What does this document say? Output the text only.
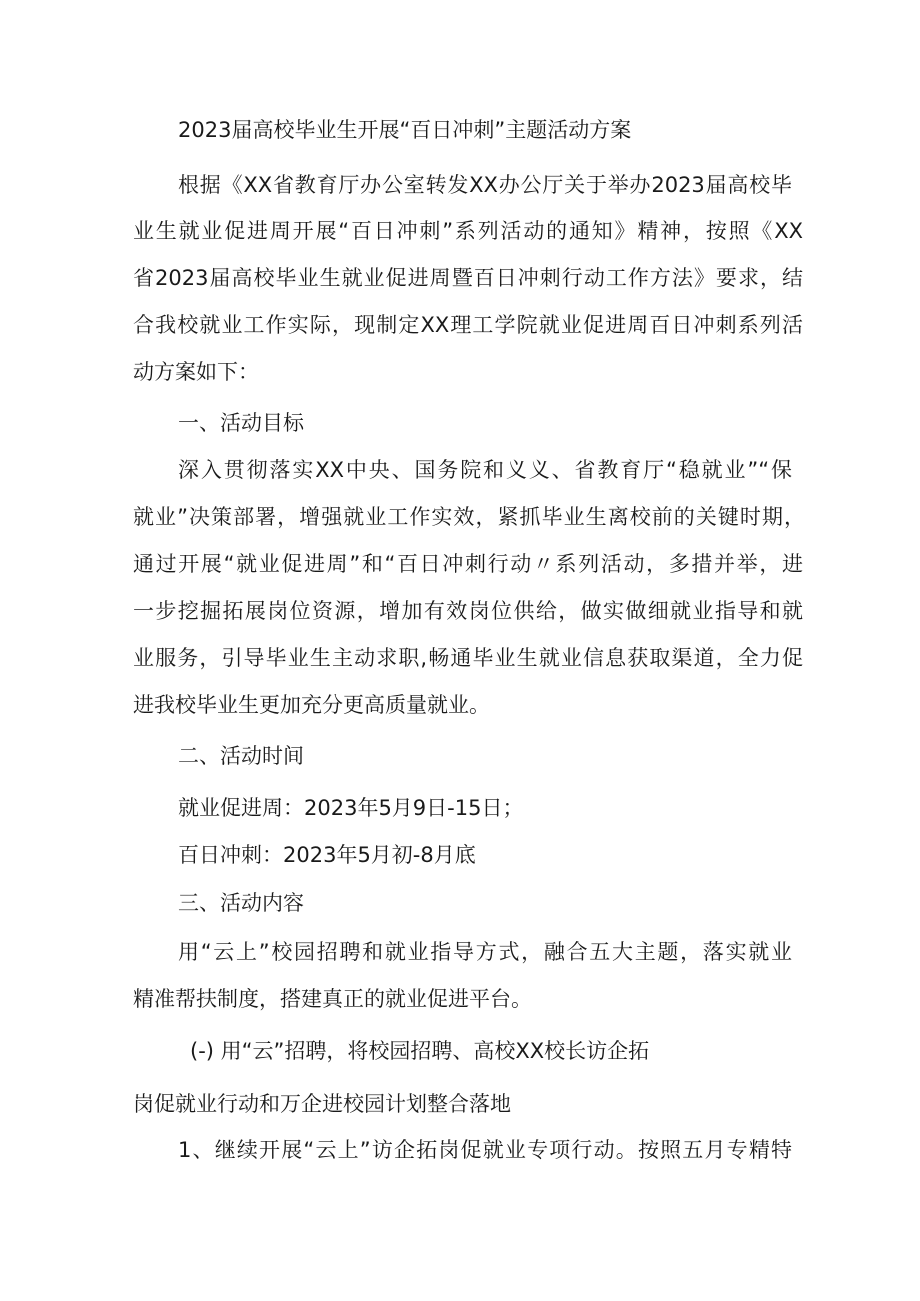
2023届高校毕业生开展“百日冲刺”主题活动方案
根据《XX省教育厅办公室转发XX办公厅关于举办2023届高校毕
业生就业促进周开展“百日冲刺”系列活动的通知》精神，按照《XX
省2023届高校毕业生就业促进周暨百日冲刺行动工作方法》要求，结
合我校就业工作实际，现制定XX理工学院就业促进周百日冲刺系列活
动方案如下：
一、活动目标
深入贯彻落实XX中央、国务院和义义、省教育厅“稳就业”“保
就业”决策部署，增强就业工作实效，紧抓毕业生离校前的关键时期，
通过开展“就业促进周”和“百日冲刺行动〃系列活动，多措并举，进
一步挖掘拓展岗位资源，增加有效岗位供给，做实做细就业指导和就
业服务，引导毕业生主动求职,畅通毕业生就业信息获取渠道，全力促
进我校毕业生更加充分更高质量就业。
二、活动时间
就业促进周：2023年5月9日-15日；
百日冲刺：2023年5月初-8月底
三、活动内容
用“云上”校园招聘和就业指导方式，融合五大主题，落实就业
精准帮扶制度，搭建真正的就业促进平台。
(-) 用“云”招聘，将校园招聘、高校XX校长访企拓
岗促就业行动和万企进校园计划整合落地
1、继续开展“云上”访企拓岗促就业专项行动。按照五月专精特
